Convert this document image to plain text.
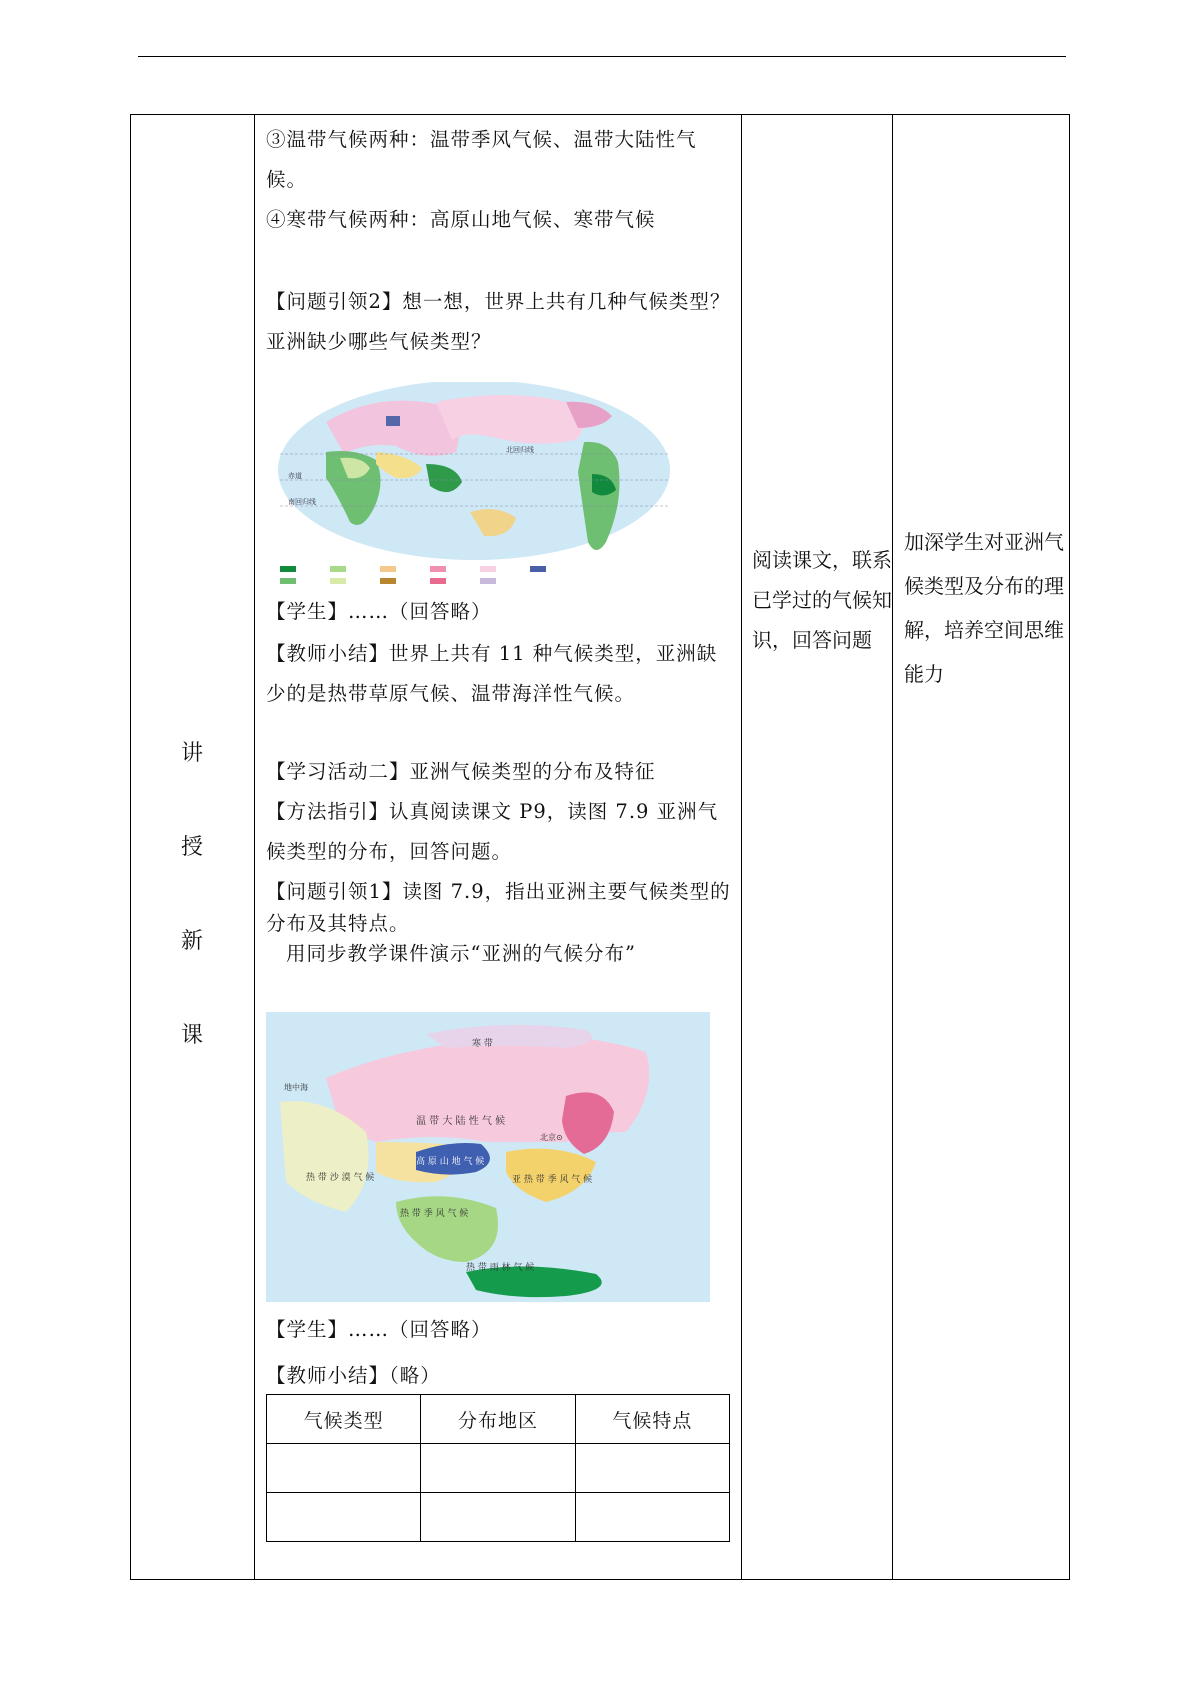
讲
授
新
课
③温带气候两种：温带季风气候、温带大陆性气候。
④寒带气候两种：高原山地气候、寒带气候
【问题引领2】想一想，世界上共有几种气候类型？亚洲缺少哪些气候类型？
北回归线
赤道
南回归线
【学生】……（回答略）
【教师小结】世界上共有 11 种气候类型，亚洲缺少的是热带草原气候、温带海洋性气候。
【学习活动二】亚洲气候类型的分布及特征
【方法指引】认真阅读课文 P9，读图 7.9 亚洲气候类型的分布，回答问题。
【问题引领1】读图 7.9，指出亚洲主要气候类型的分布及其特点。
用同步教学课件演示“亚洲的气候分布”
温 带 大 陆 性 气 候
高 原 山 地 气 候
热 带 沙 漠 气 候
热 带 季 风 气 候
亚 热 带 季 风 气 候
热 带 雨 林 气 候
寒 带
北京⊙
地中海
【学生】……（回答略）
【教师小结】（略）
气候类型	分布地区	气候特点

阅读课文，联系已学过的气候知识，回答问题
加深学生对亚洲气候类型及分布的理解，培养空间思维能力
